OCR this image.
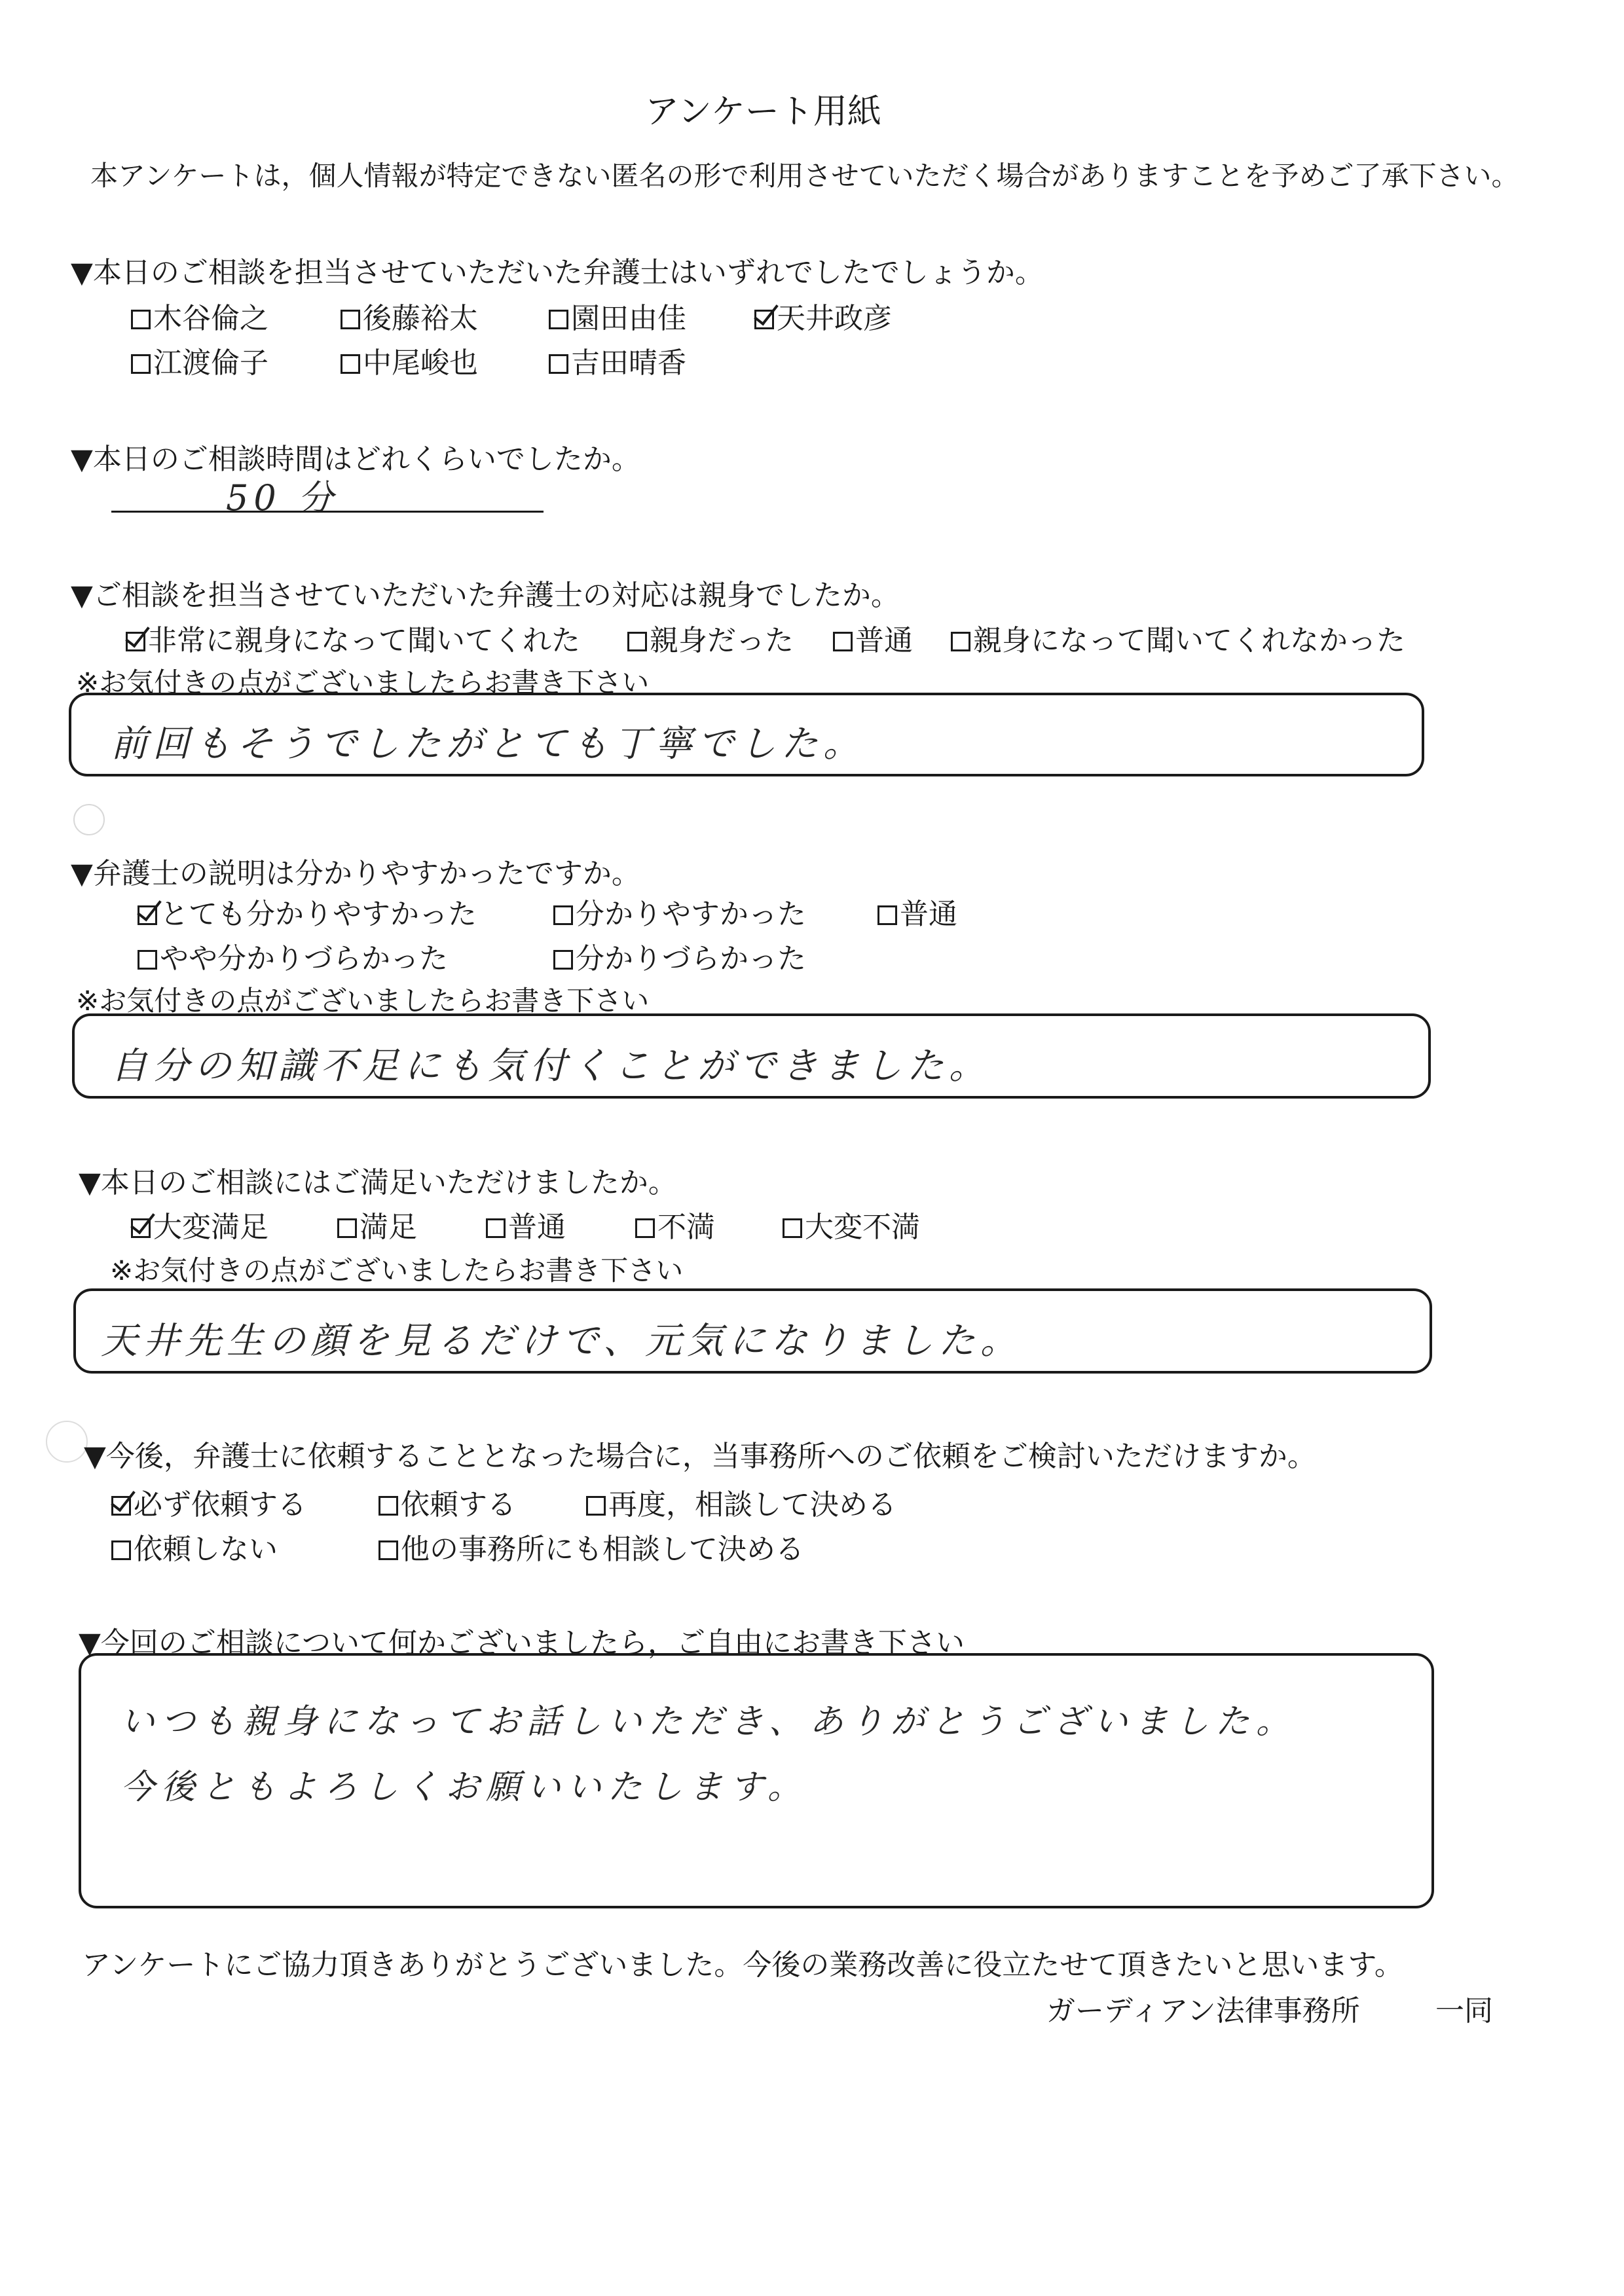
アンケート用紙
本アンケートは，個人情報が特定できない匿名の形で利用させていただく場合がありますことを予めご了承下さい。
▼本日のご相談を担当させていただいた弁護士はいずれでしたでしょうか。
木谷倫之	後藤裕太	園田由佳	天井政彦
江渡倫子	中尾峻也	吉田晴香
▼本日のご相談時間はどれくらいでしたか。
50 分
▼ご相談を担当させていただいた弁護士の対応は親身でしたか。
非常に親身になって聞いてくれた	親身だった	普通	親身になって聞いてくれなかった
※お気付きの点がございましたらお書き下さい
前回もそうでしたがとても丁寧でした。
▼弁護士の説明は分かりやすかったですか。
とても分かりやすかった	分かりやすかった	普通
やや分かりづらかった	分かりづらかった
※お気付きの点がございましたらお書き下さい
自分の知識不足にも気付くことができました。
▼本日のご相談にはご満足いただけましたか。
大変満足	満足	普通	不満	大変不満
※お気付きの点がございましたらお書き下さい
天井先生の顔を見るだけで、元気になりました。
▼今後，弁護士に依頼することとなった場合に，当事務所へのご依頼をご検討いただけますか。
必ず依頼する	依頼する	再度，相談して決める
依頼しない	他の事務所にも相談して決める
▼今回のご相談について何かございましたら，ご自由にお書き下さい
いつも親身になってお話しいただき、ありがとうございました。
今後ともよろしくお願いいたします。
アンケートにご協力頂きありがとうございました。今後の業務改善に役立たせて頂きたいと思います。
ガーディアン法律事務所	一同
